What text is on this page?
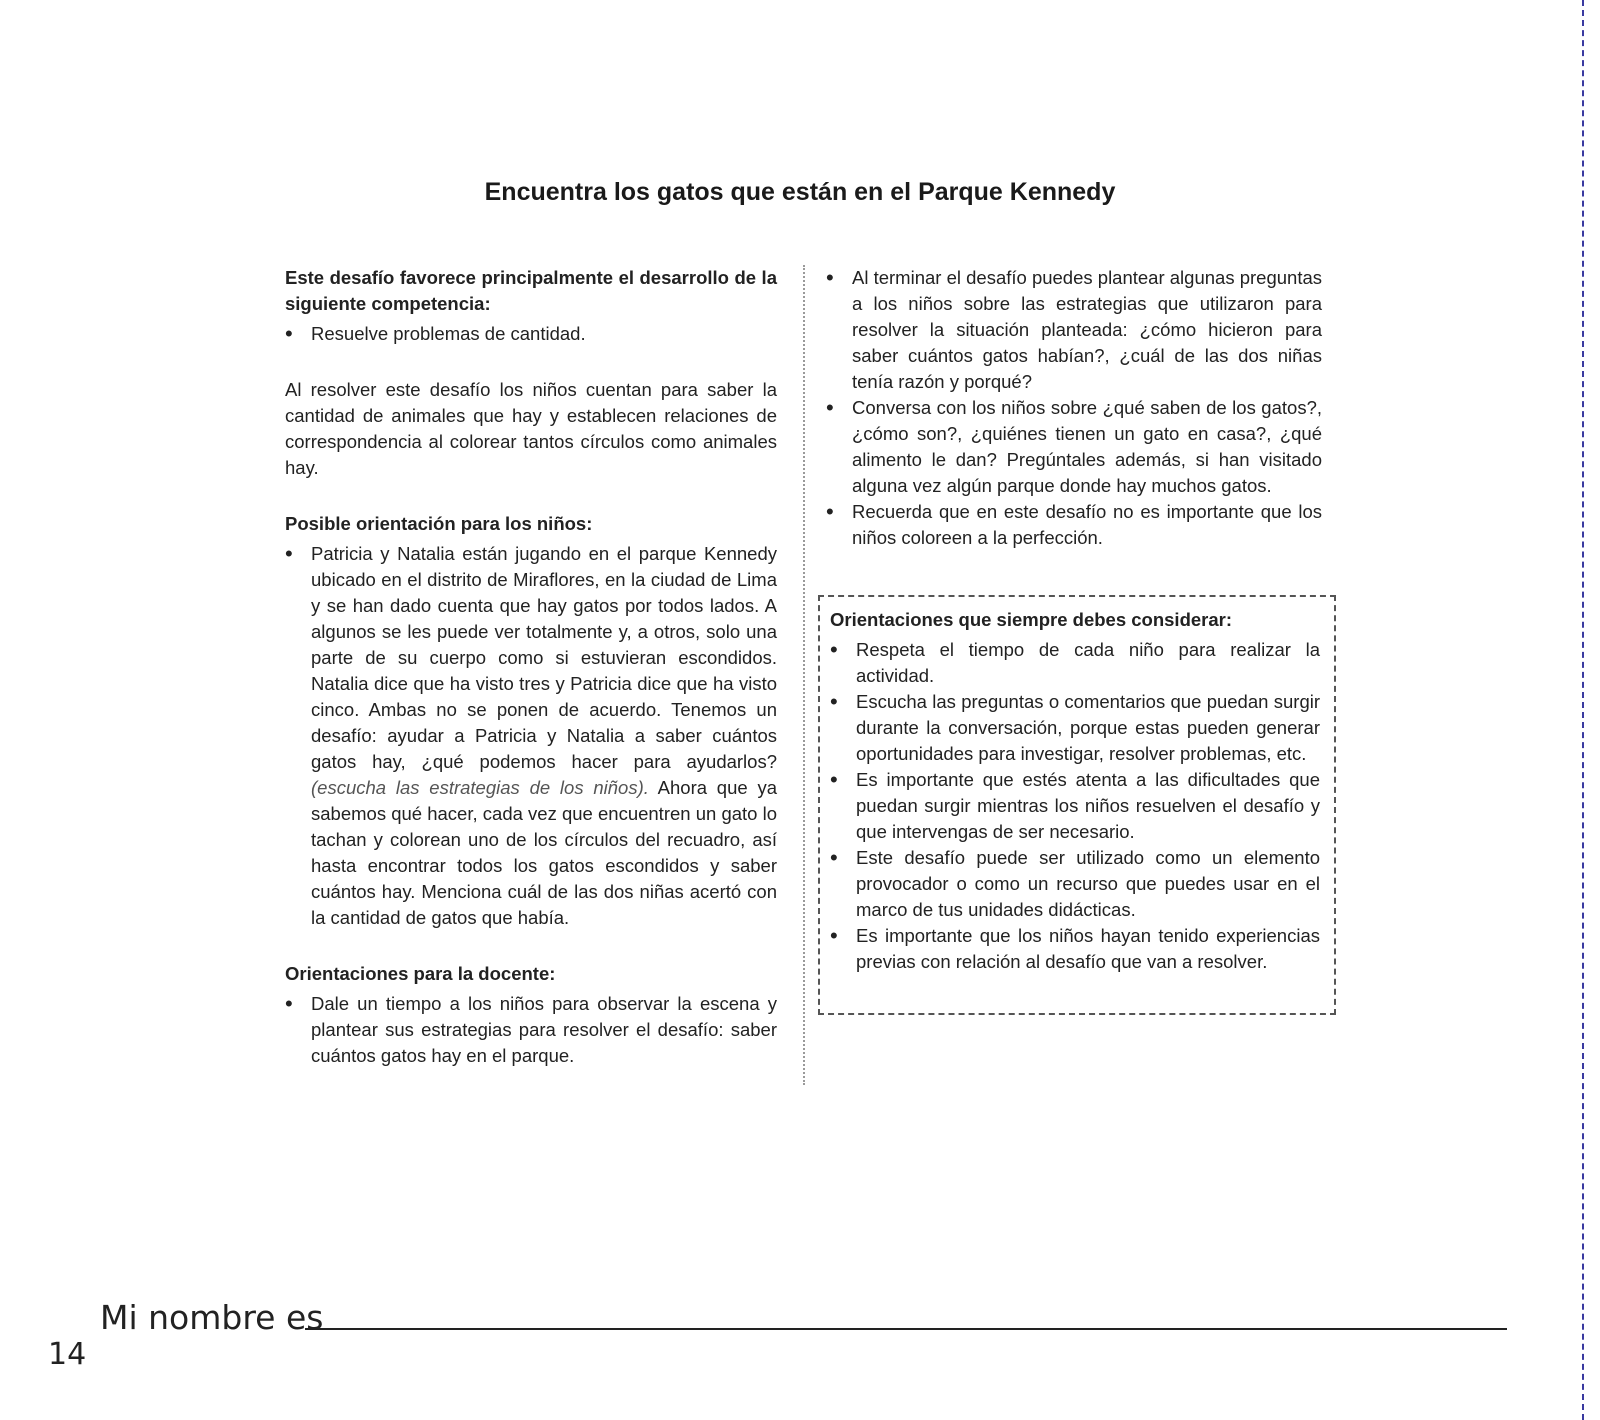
Encuentra los gatos que están en el Parque Kennedy

Este desafío favorece principalmente el desarrollo de la siguiente competencia:

• Resuelve problemas de cantidad.

Al resolver este desafío los niños cuentan para saber la cantidad de animales que hay y establecen relaciones de correspondencia al colorear tantos círculos como animales hay.

Posible orientación para los niños:

• Patricia y Natalia están jugando en el parque Kennedy ubicado en el distrito de Miraflores, en la ciudad de Lima y se han dado cuenta que hay gatos por todos lados. A algunos se les puede ver totalmente y, a otros, solo una parte de su cuerpo como si estuvieran escondidos. Natalia dice que ha visto tres y Patricia dice que ha visto cinco. Ambas no se ponen de acuerdo. Tenemos un desafío: ayudar a Patricia y Natalia a saber cuántos gatos hay, ¿qué podemos hacer para ayudarlos? (escucha las estrategias de los niños). Ahora que ya sabemos qué hacer, cada vez que encuentren un gato lo tachan y colorean uno de los círculos del recuadro, así hasta encontrar todos los gatos escondidos y saber cuántos hay. Menciona cuál de las dos niñas acertó con la cantidad de gatos que había.

Orientaciones para la docente:

• Dale un tiempo a los niños para observar la escena y plantear sus estrategias para resolver el desafío: saber cuántos gatos hay en el parque.
• Al terminar el desafío puedes plantear algunas preguntas a los niños sobre las estrategias que utilizaron para resolver la situación planteada: ¿cómo hicieron para saber cuántos gatos habían?, ¿cuál de las dos niñas tenía razón y porqué?
• Conversa con los niños sobre ¿qué saben de los gatos?, ¿cómo son?, ¿quiénes tienen un gato en casa?, ¿qué alimento le dan? Pregúntales además, si han visitado alguna vez algún parque donde hay muchos gatos.
• Recuerda que en este desafío no es importante que los niños coloreen a la perfección.

Orientaciones que siempre debes considerar:

• Respeta el tiempo de cada niño para realizar la actividad.
• Escucha las preguntas o comentarios que puedan surgir durante la conversación, porque estas pueden generar oportunidades para investigar, resolver problemas, etc.
• Es importante que estés atenta a las dificultades que puedan surgir mientras los niños resuelven el desafío y que intervengas de ser necesario.
• Este desafío puede ser utilizado como un elemento provocador o como un recurso que puedes usar en el marco de tus unidades didácticas.
• Es importante que los niños hayan tenido experiencias previas con relación al desafío que van a resolver.
Mi nombre es
14
